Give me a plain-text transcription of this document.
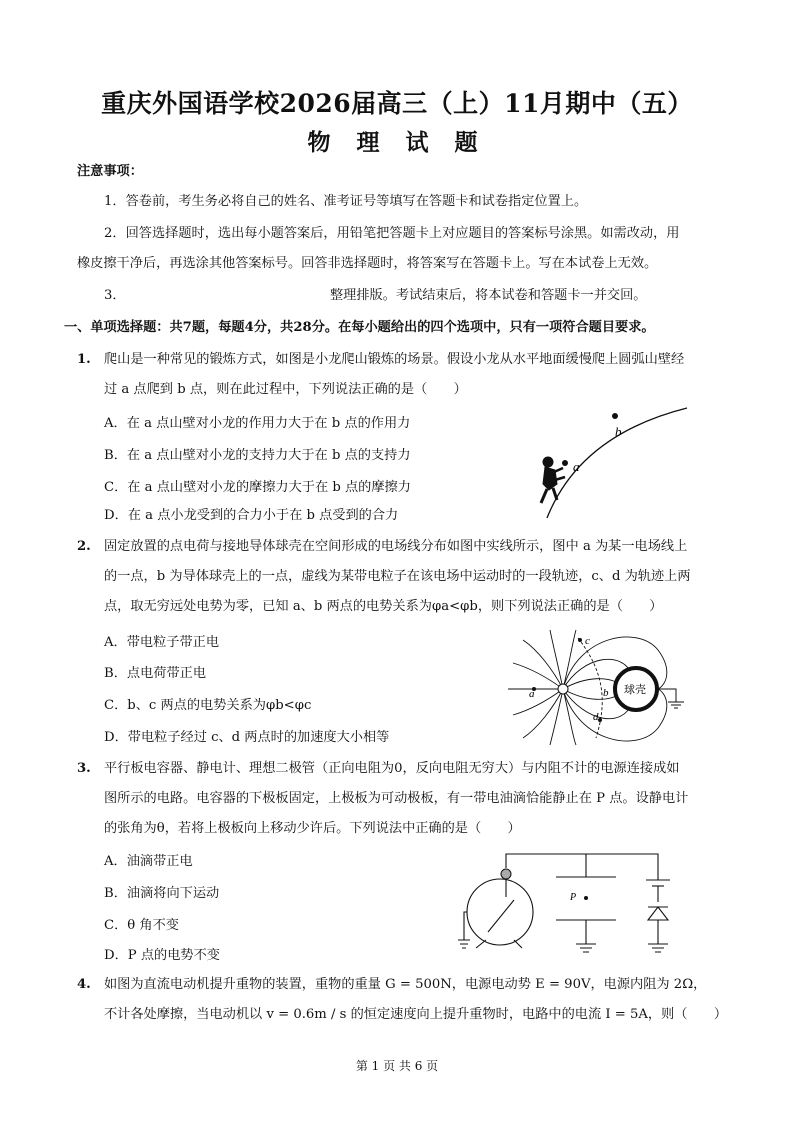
重庆外国语学校2026届高三（上）11月期中（五）
物 理 试 题
注意事项：
1．答卷前，考生务必将自己的姓名、准考证号等填写在答题卡和试卷指定位置上。
2．回答选择题时，选出每小题答案后，用铅笔把答题卡上对应题目的答案标号涂黑。如需改动，用
橡皮擦干净后，再选涂其他答案标号。回答非选择题时，将答案写在答题卡上。写在本试卷上无效。
3．	整理排版。考试结束后，将本试卷和答题卡一并交回。
一、单项选择题：共7题，每题4分，共28分。在每小题给出的四个选项中，只有一项符合题目要求。
1. 爬山是一种常见的锻炼方式，如图是小龙爬山锻炼的场景。假设小龙从水平地面缓慢爬上圆弧山壁经
过 a 点爬到 b 点，则在此过程中，下列说法正确的是（　　）
A．在 a 点山壁对小龙的作用力大于在 b 点的作用力
B．在 a 点山壁对小龙的支持力大于在 b 点的支持力
C．在 a 点山壁对小龙的摩擦力大于在 b 点的摩擦力
D．在 a 点小龙受到的合力小于在 b 点受到的合力
b
a
2. 固定放置的点电荷与接地导体球壳在空间形成的电场线分布如图中实线所示，图中 a 为某一电场线上
的一点，b 为导体球壳上的一点，虚线为某带电粒子在该电场中运动时的一段轨迹，c、d 为轨迹上两
点，取无穷远处电势为零，已知 a、b 两点的电势关系为φa<φb，则下列说法正确的是（　　）
A．带电粒子带正电
B．点电荷带正电
C．b、c 两点的电势关系为φb<φc
D．带电粒子经过 c、d 两点时的加速度大小相等
球壳
a
c
b
d
3. 平行板电容器、静电计、理想二极管（正向电阻为0，反向电阻无穷大）与内阻不计的电源连接成如
图所示的电路。电容器的下极板固定，上极板为可动极板，有一带电油滴恰能静止在 P 点。设静电计
的张角为θ，若将上极板向上移动少许后。下列说法中正确的是（　　）
A．油滴带正电
B．油滴将向下运动
C．θ 角不变
D．P 点的电势不变
P
4. 如图为直流电动机提升重物的装置，重物的重量 G = 500N，电源电动势 E = 90V，电源内阻为 2Ω，
不计各处摩擦，当电动机以 v = 0.6m / s 的恒定速度向上提升重物时，电路中的电流 I = 5A，则（　　）
第 1 页 共 6 页
